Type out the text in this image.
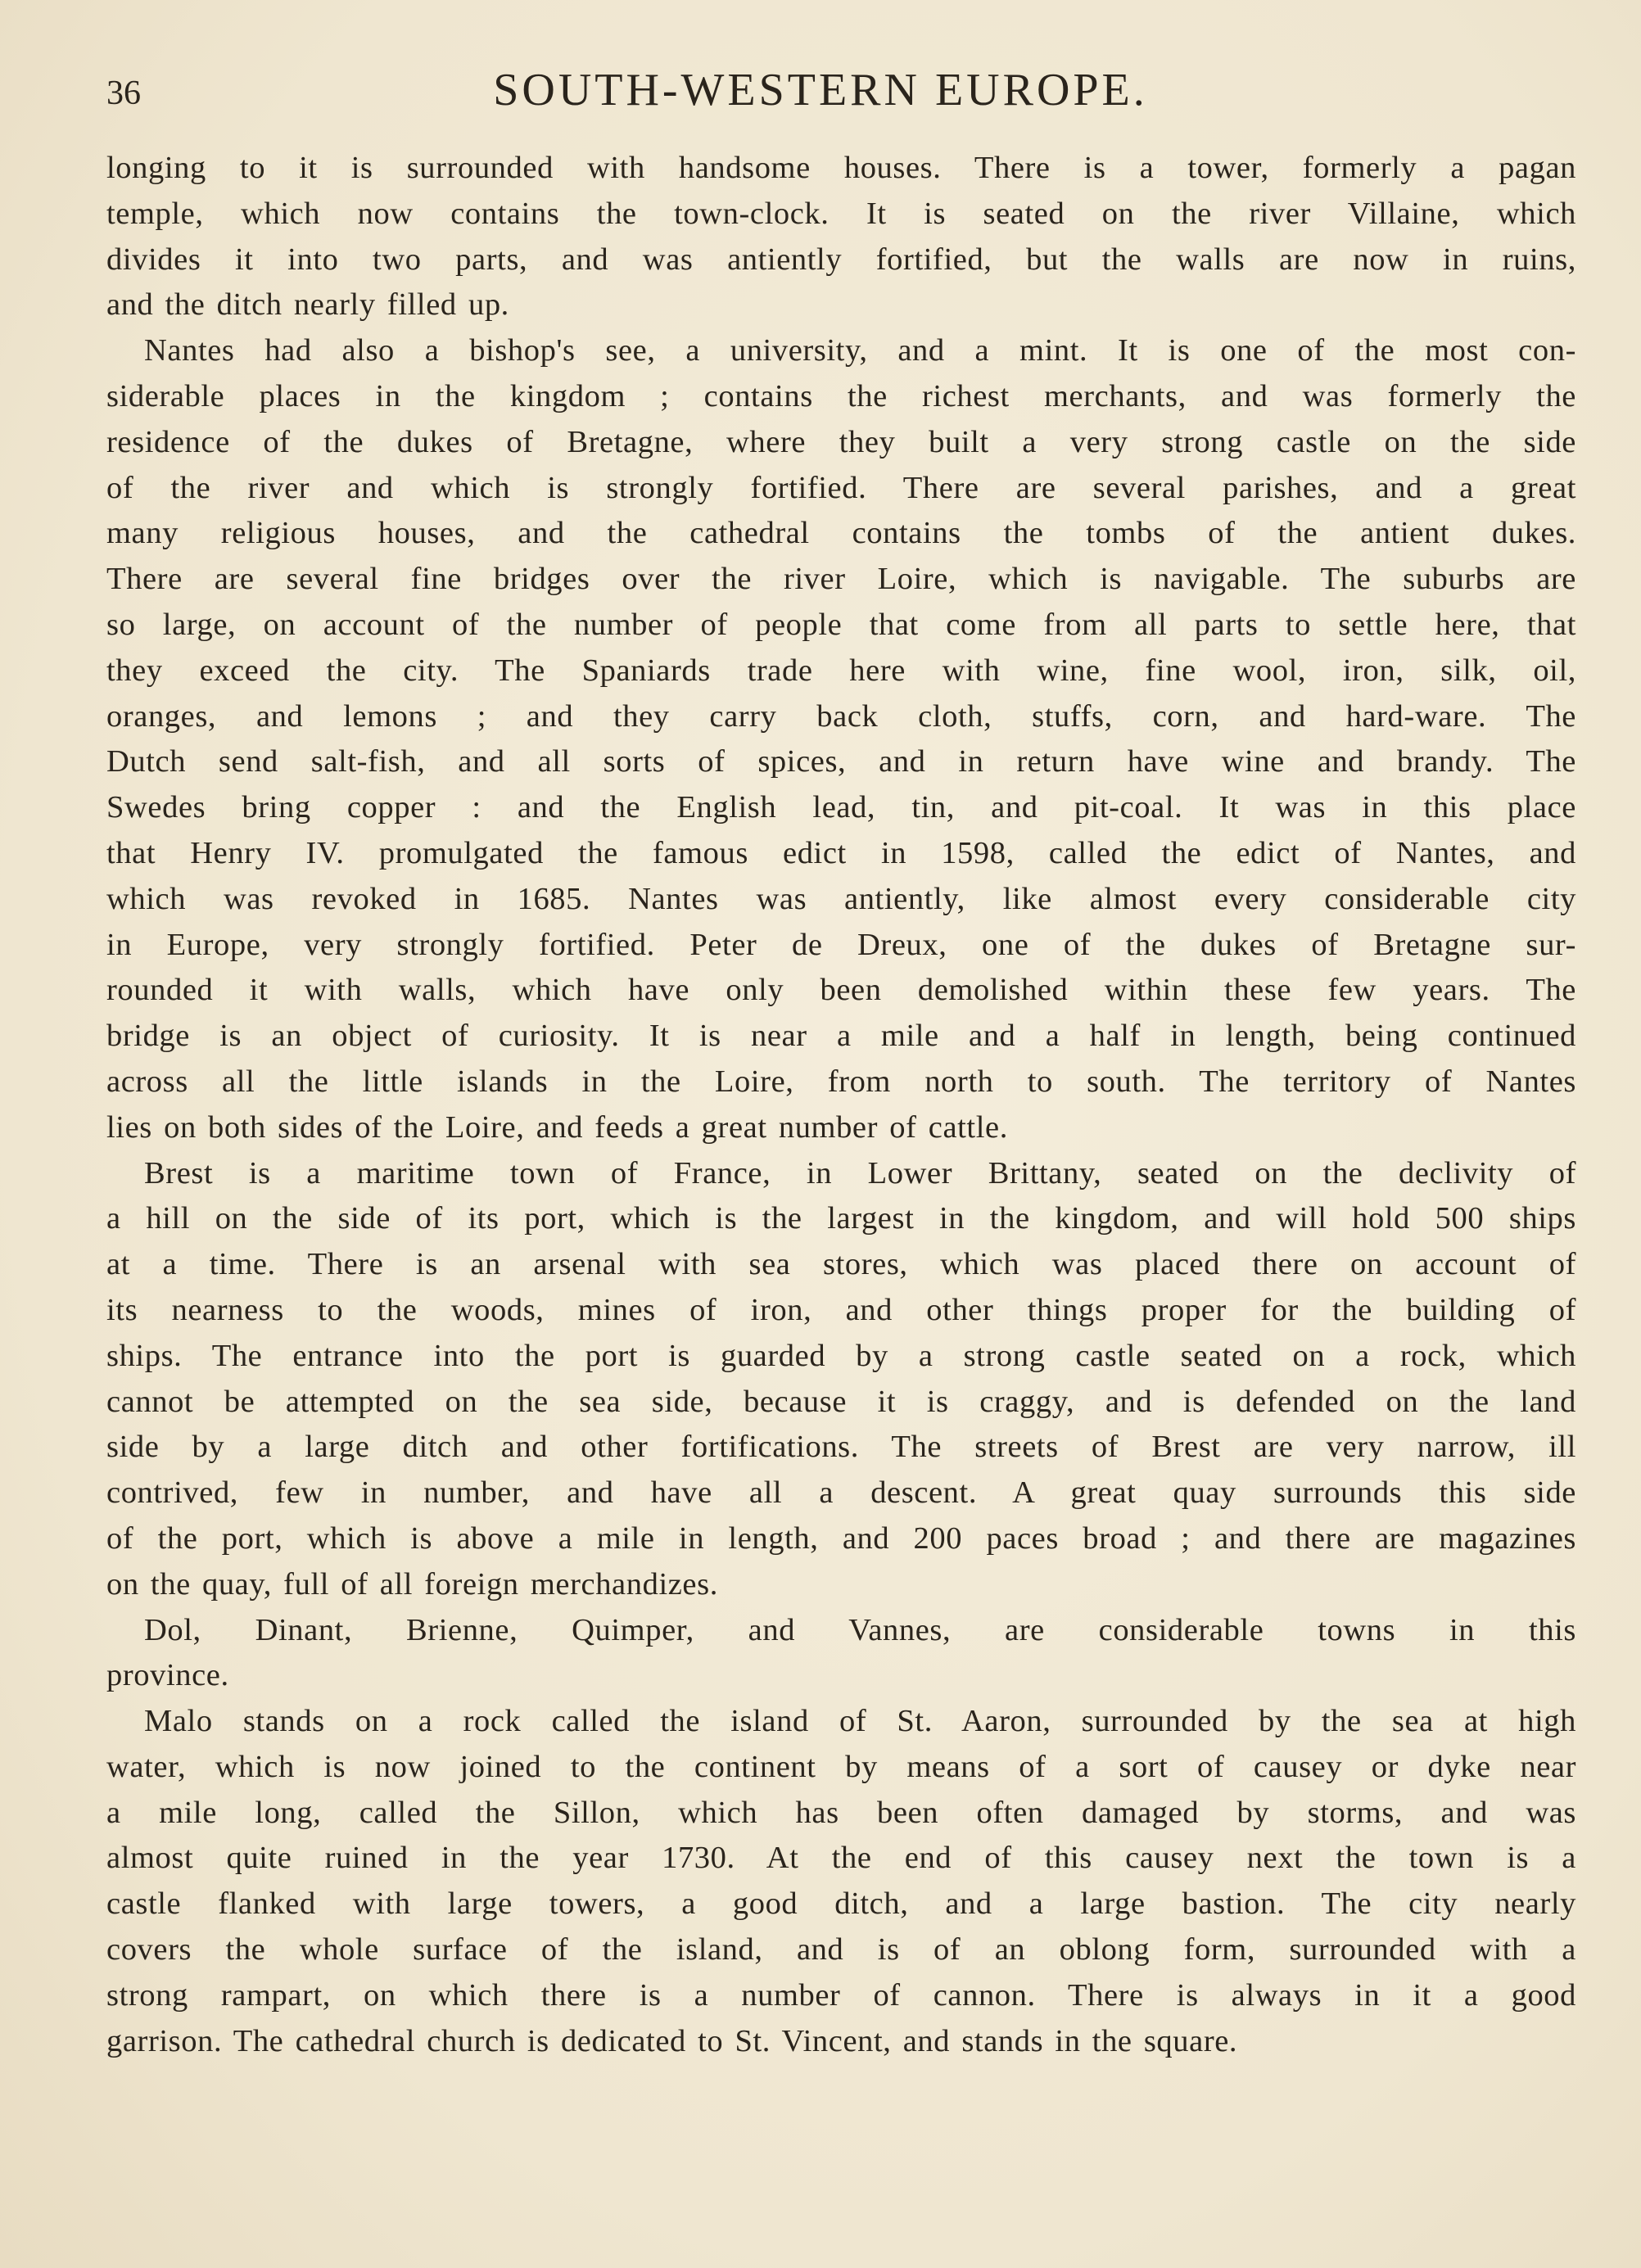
36	SOUTH-WESTERN EUROPE.
longing to it is surrounded with handsome houses. There is a tower, formerly a pagan
temple, which now contains the town-clock. It is seated on the river Villaine, which
divides it into two parts, and was antiently fortified, but the walls are now in ruins,
and the ditch nearly filled up.
Nantes had also a bishop's see, a university, and a mint. It is one of the most con-
siderable places in the kingdom ; contains the richest merchants, and was formerly the
residence of the dukes of Bretagne, where they built a very strong castle on the side
of the river and which is strongly fortified. There are several parishes, and a great
many religious houses, and the cathedral contains the tombs of the antient dukes.
There are several fine bridges over the river Loire, which is navigable. The suburbs are
so large, on account of the number of people that come from all parts to settle here, that
they exceed the city. The Spaniards trade here with wine, fine wool, iron, silk, oil,
oranges, and lemons ; and they carry back cloth, stuffs, corn, and hard-ware. The
Dutch send salt-fish, and all sorts of spices, and in return have wine and brandy. The
Swedes bring copper : and the English lead, tin, and pit-coal. It was in this place
that Henry IV. promulgated the famous edict in 1598, called the edict of Nantes, and
which was revoked in 1685. Nantes was antiently, like almost every considerable city
in Europe, very strongly fortified. Peter de Dreux, one of the dukes of Bretagne sur-
rounded it with walls, which have only been demolished within these few years. The
bridge is an object of curiosity. It is near a mile and a half in length, being continued
across all the little islands in the Loire, from north to south. The territory of Nantes
lies on both sides of the Loire, and feeds a great number of cattle.
Brest is a maritime town of France, in Lower Brittany, seated on the declivity of
a hill on the side of its port, which is the largest in the kingdom, and will hold 500 ships
at a time. There is an arsenal with sea stores, which was placed there on account of
its nearness to the woods, mines of iron, and other things proper for the building of
ships. The entrance into the port is guarded by a strong castle seated on a rock, which
cannot be attempted on the sea side, because it is craggy, and is defended on the land
side by a large ditch and other fortifications. The streets of Brest are very narrow, ill
contrived, few in number, and have all a descent. A great quay surrounds this side
of the port, which is above a mile in length, and 200 paces broad ; and there are magazines
on the quay, full of all foreign merchandizes.
Dol, Dinant, Brienne, Quimper, and Vannes, are considerable towns in this
province.
Malo stands on a rock called the island of St. Aaron, surrounded by the sea at high
water, which is now joined to the continent by means of a sort of causey or dyke near
a mile long, called the Sillon, which has been often damaged by storms, and was
almost quite ruined in the year 1730. At the end of this causey next the town is a
castle flanked with large towers, a good ditch, and a large bastion. The city nearly
covers the whole surface of the island, and is of an oblong form, surrounded with a
strong rampart, on which there is a number of cannon. There is always in it a good
garrison. The cathedral church is dedicated to St. Vincent, and stands in the square.
